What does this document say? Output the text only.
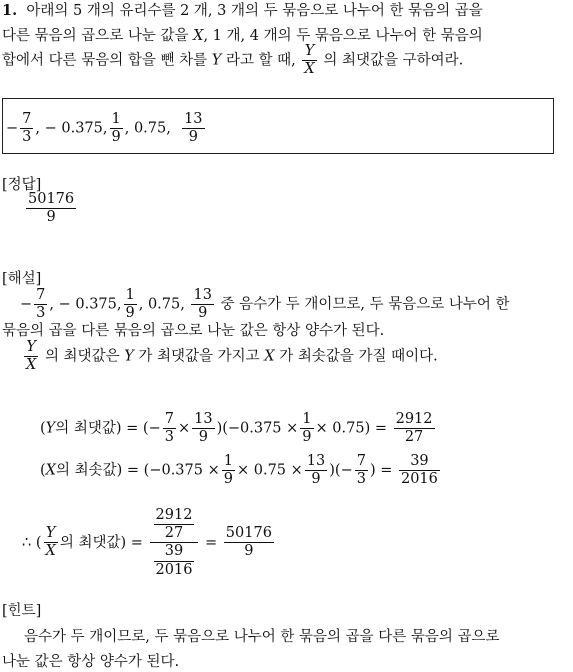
1. 아래의 5 개의 유리수를 2 개, 3 개의 두 묶음으로 나누어 한 묶음의 곱을
다른 묶음의 곱으로 나눈 값을 X, 1 개, 4 개의 두 묶음으로 나누어 한 묶음의
합에서 다른 묶음의 합을 뺀 차를 Y 라고 할 때, $\frac{Y}{X}$ 의 최댓값을 구하여라.
− $\frac{7}{3}$ , − 0.375, $\frac{1}{9}$ , 0.75, $\frac{13}{9}$
[정답]
$\frac{50176}{9}$
[해설]
− $\frac{7}{3}$ , − 0.375, $\frac{1}{9}$ , 0.75, $\frac{13}{9}$ 중 음수가 두 개이므로, 두 묶음으로 나누어 한
묶음의 곱을 다른 묶음의 곱으로 나눈 값은 항상 양수가 된다.
$\frac{Y}{X}$ 의 최댓값은 Y 가 최댓값을 가지고 X 가 최솟값을 가질 때이다.
(Y의 최댓값) = (− $\frac{7}{3} \times \frac{13}{9} )(-0.375 \times \frac{1}{9} \times 0.75) = \frac{2912}{27}$
(X의 최솟값) = ($-0.375 \times \frac{1}{9} \times 0.75 \times \frac{13}{9}$ )(− $\frac{7}{3}$ ) = $\frac{39}{2016}$
∴ ( $\frac{Y}{X}$ 의 최댓값) = $\frac{\frac{2912}{27}}{\frac{39}{2016}} = \frac{50176}{9}$
[힌트]
음수가 두 개이므로, 두 묶음으로 나누어 한 묶음의 곱을 다른 묶음의 곱으로
나눈 값은 항상 양수가 된다.
